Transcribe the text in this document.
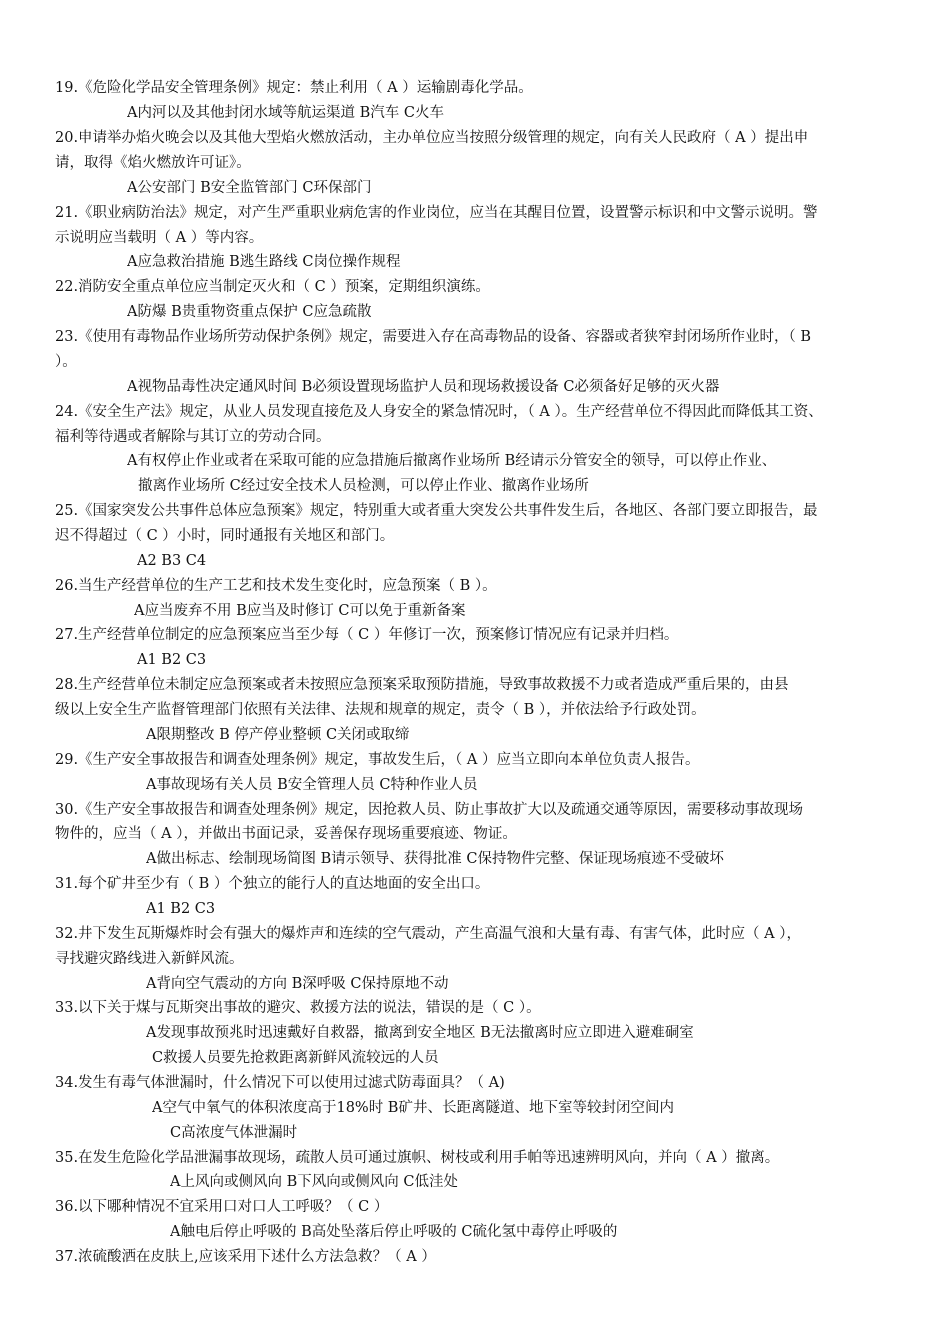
19.《危险化学品安全管理条例》规定：禁止利用（ A ）运输剧毒化学品。
A内河以及其他封闭水域等航运渠道 B汽车 C火车
20.申请举办焰火晚会以及其他大型焰火燃放活动，主办单位应当按照分级管理的规定，向有关人民政府（ A ）提出申
请，取得《焰火燃放许可证》。
A公安部门 B安全监管部门 C环保部门
21.《职业病防治法》规定，对产生严重职业病危害的作业岗位，应当在其醒目位置，设置警示标识和中文警示说明。警
示说明应当载明（ A ）等内容。
A应急救治措施 B逃生路线 C岗位操作规程
22.消防安全重点单位应当制定灭火和（ C ）预案，定期组织演练。
A防爆 B贵重物资重点保护 C应急疏散
23.《使用有毒物品作业场所劳动保护条例》规定，需要进入存在高毒物品的设备、容器或者狭窄封闭场所作业时，（ B
）。
A视物品毒性决定通风时间 B必须设置现场监护人员和现场救援设备 C必须备好足够的灭火器
24.《安全生产法》规定，从业人员发现直接危及人身安全的紧急情况时，（ A ）。生产经营单位不得因此而降低其工资、
福利等待遇或者解除与其订立的劳动合同。
A有权停止作业或者在采取可能的应急措施后撤离作业场所 B经请示分管安全的领导，可以停止作业、
撤离作业场所 C经过安全技术人员检测，可以停止作业、撤离作业场所
25.《国家突发公共事件总体应急预案》规定，特别重大或者重大突发公共事件发生后，各地区、各部门要立即报告，最
迟不得超过（ C ）小时，同时通报有关地区和部门。
A2 B3 C4
26.当生产经营单位的生产工艺和技术发生变化时，应急预案（ B ）。
A应当废弃不用 B应当及时修订 C可以免于重新备案
27.生产经营单位制定的应急预案应当至少每（ C ）年修订一次，预案修订情况应有记录并归档。
A1 B2 C3
28.生产经营单位未制定应急预案或者未按照应急预案采取预防措施，导致事故救援不力或者造成严重后果的，由县
级以上安全生产监督管理部门依照有关法律、法规和规章的规定，责令（ B ），并依法给予行政处罚。
A限期整改 B 停产停业整顿 C关闭或取缔
29.《生产安全事故报告和调查处理条例》规定，事故发生后，（ A ）应当立即向本单位负责人报告。
A事故现场有关人员 B安全管理人员 C特种作业人员
30.《生产安全事故报告和调查处理条例》规定，因抢救人员、防止事故扩大以及疏通交通等原因，需要移动事故现场
物件的，应当（ A ），并做出书面记录，妥善保存现场重要痕迹、物证。
A做出标志、绘制现场简图 B请示领导、获得批准 C保持物件完整、保证现场痕迹不受破坏
31.每个矿井至少有（ B ）个独立的能行人的直达地面的安全出口。
A1 B2 C3
32.井下发生瓦斯爆炸时会有强大的爆炸声和连续的空气震动，产生高温气浪和大量有毒、有害气体，此时应（ A ），
寻找避灾路线进入新鲜风流。
A背向空气震动的方向 B深呼吸 C保持原地不动
33.以下关于煤与瓦斯突出事故的避灾、救援方法的说法，错误的是（ C ）。
A发现事故预兆时迅速戴好自救器，撤离到安全地区 B无法撤离时应立即进入避难硐室
C救援人员要先抢救距离新鲜风流较远的人员
34.发生有毒气体泄漏时，什么情况下可以使用过滤式防毒面具？（ A)
A空气中氧气的体积浓度高于18%时 B矿井、长距离隧道、地下室等较封闭空间内
C高浓度气体泄漏时
35.在发生危险化学品泄漏事故现场，疏散人员可通过旗帜、树枝或利用手帕等迅速辨明风向，并向（ A ）撤离。
A上风向或侧风向 B下风向或侧风向 C低洼处
36.以下哪种情况不宜采用口对口人工呼吸？（ C ）
A触电后停止呼吸的 B高处坠落后停止呼吸的 C硫化氢中毒停止呼吸的
37.浓硫酸洒在皮肤上,应该采用下述什么方法急救？（ A ）
